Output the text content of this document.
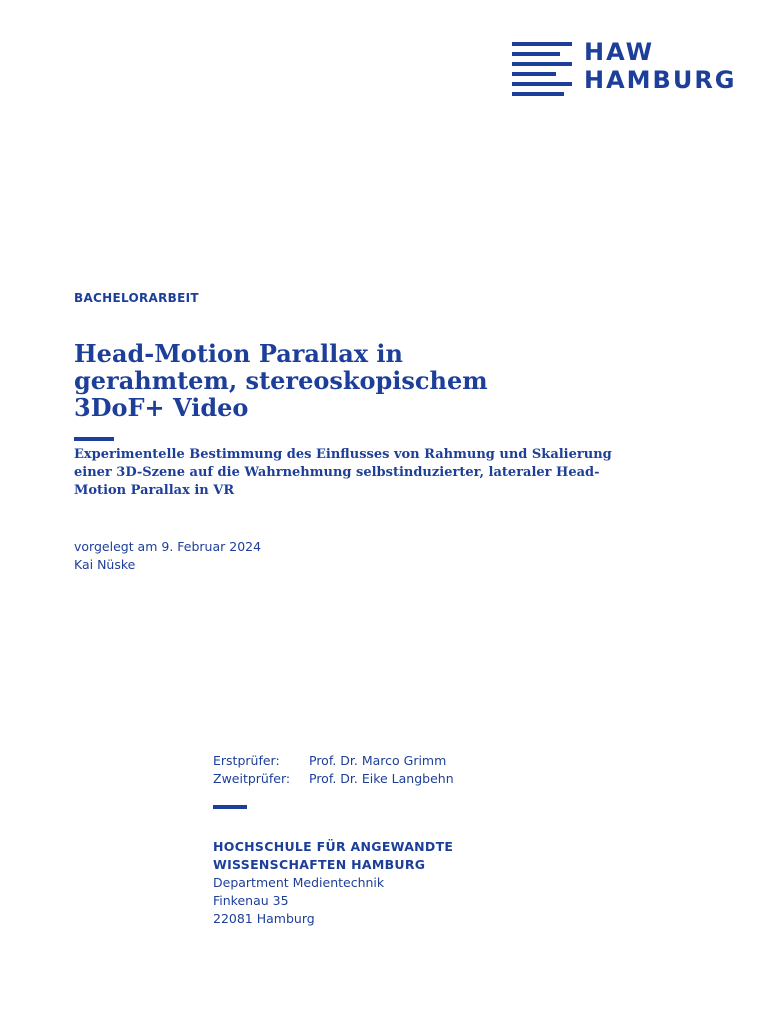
HAW
HAMBURG

BACHELORARBEIT

Head-Motion Parallax in
gerahmtem, stereoskopischem
3DoF+ Video
Experimentelle Bestimmung des Einflusses von Rahmung und Skalierung
einer 3D-Szene auf die Wahrnehmung selbstinduzierter, lateraler Head-
Motion Parallax in VR
vorgelegt am 9. Februar 2024
Kai Nüske
Erstprüfer:	Prof. Dr. Marco Grimm
Zweitprüfer:	Prof. Dr. Eike Langbehn
HOCHSCHULE FÜR ANGEWANDTE
WISSENSCHAFTEN HAMBURG
Department Medientechnik
Finkenau 35
22081 Hamburg
